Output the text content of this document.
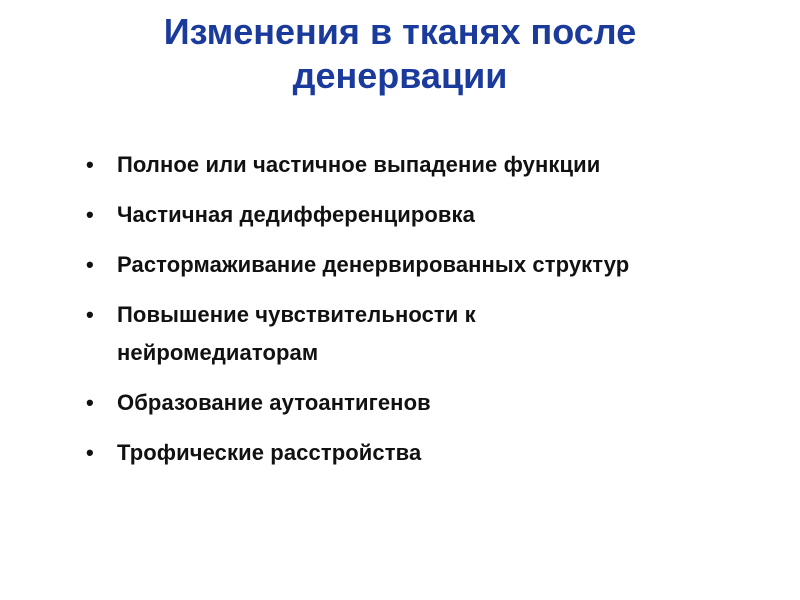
Изменения в тканях после
денервации
• Полное или частичное выпадение функции
• Частичная дедифференцировка
• Растормаживание денервированных структур
• Повышение чувствительности к нейромедиаторам
• Образование аутоантигенов
• Трофические расстройства
